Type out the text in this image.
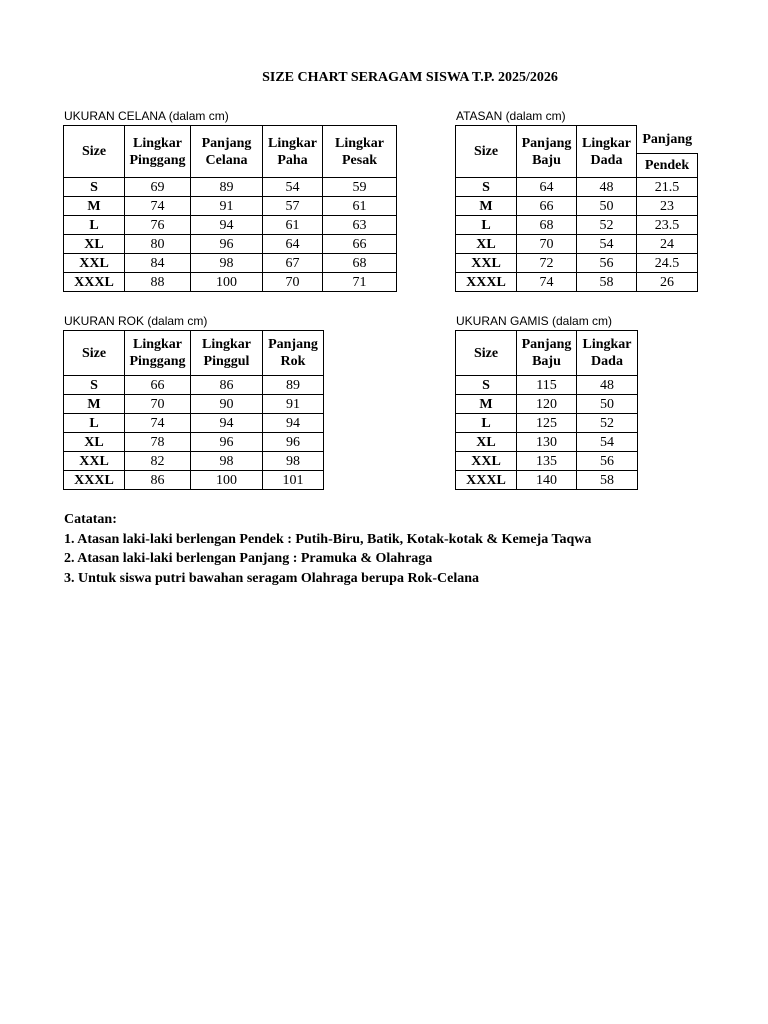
SIZE CHART SERAGAM SISWA T.P. 2025/2026
UKURAN CELANA (dalam cm)
Size	Lingkar Pinggang	Panjang Celana	Lingkar Paha	Lingkar Pesak
S	69	89	54	59
M	74	91	57	61
L	76	94	61	63
XL	80	96	64	66
XXL	84	98	67	68
XXXL	88	100	70	71
ATASAN (dalam cm)
Size	Panjang Baju	Lingkar Dada	Panjang
			Pendek
S	64	48	21.5
M	66	50	23
L	68	52	23.5
XL	70	54	24
XXL	72	56	24.5
XXXL	74	58	26
UKURAN ROK (dalam cm)
Size	Lingkar Pinggang	Lingkar Pinggul	Panjang Rok
S	66	86	89
M	70	90	91
L	74	94	94
XL	78	96	96
XXL	82	98	98
XXXL	86	100	101
UKURAN GAMIS (dalam cm)
Size	Panjang Baju	Lingkar Dada
S	115	48
M	120	50
L	125	52
XL	130	54
XXL	135	56
XXXL	140	58
Catatan:
1. Atasan laki-laki berlengan Pendek : Putih-Biru, Batik, Kotak-kotak & Kemeja Taqwa
2. Atasan laki-laki berlengan Panjang : Pramuka & Olahraga
3. Untuk siswa putri bawahan seragam Olahraga berupa Rok-Celana
